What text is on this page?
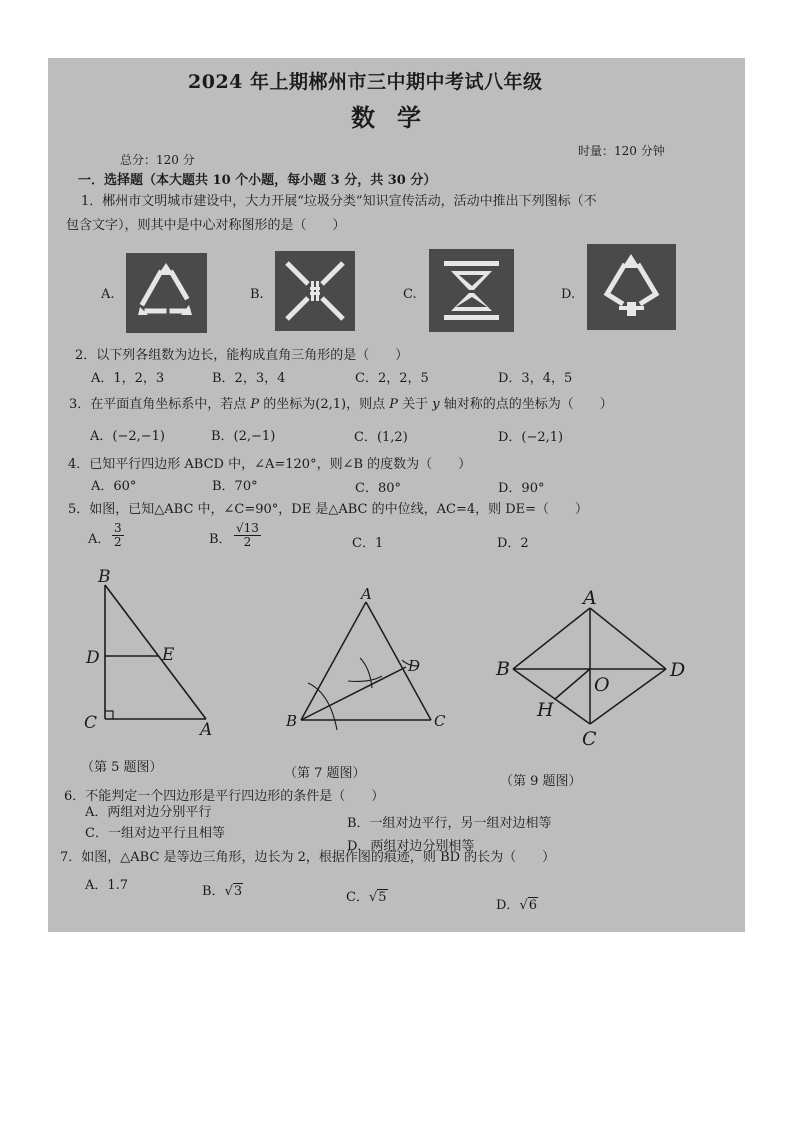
2024 年上期郴州市三中期中考试八年级
数学
总分：120 分
时量：120 分钟
一．选择题（本大题共 10 个小题，每小题 3 分，共 30 分）
1．郴州市文明城市建设中，大力开展“垃圾分类”知识宣传活动，活动中推出下列图标（不
包含文字），则其中是中心对称图形的是（　　）
A.	B.	C.	D.
2．以下列各组数为边长，能构成直角三角形的是（　　）
A．1，2，3	B．2，3，4	C．2，2，5	D．3，4，5
3．在平面直角坐标系中，若点 P 的坐标为(2,1)，则点 P 关于 y 轴对称的点的坐标为（　　）
A．(−2,−1)	B．(2,−1)	C．(1,2)	D．(−2,1)
4．已知平行四边形 ABCD 中，∠A=120°，则∠B 的度数为（　　）
A．60°	B．70°	C．80°	D．90°
5．如图，已知△ABC 中，∠C=90°，DE 是△ABC 的中位线，AC=4，则 DE=（　　）
A． $\frac{3}{2}$	B． $\frac{√13}{2}$	C．1	D．2
B
D	E
C	A
（第 5 题图）
A
D
B	C
（第 7 题图）
A
B	D
O
H
C
（第 9 题图）
6．不能判定一个四边形是平行四边形的条件是（　　）
A．两组对边分别平行
B．一组对边平行，另一组对边相等
C．一组对边平行且相等
D．两组对边分别相等
7．如图，△ABC 是等边三角形，边长为 2，根据作图的痕迹，则 BD 的长为（　　）
A．1.7	B．√3	C．√5
D．√6
